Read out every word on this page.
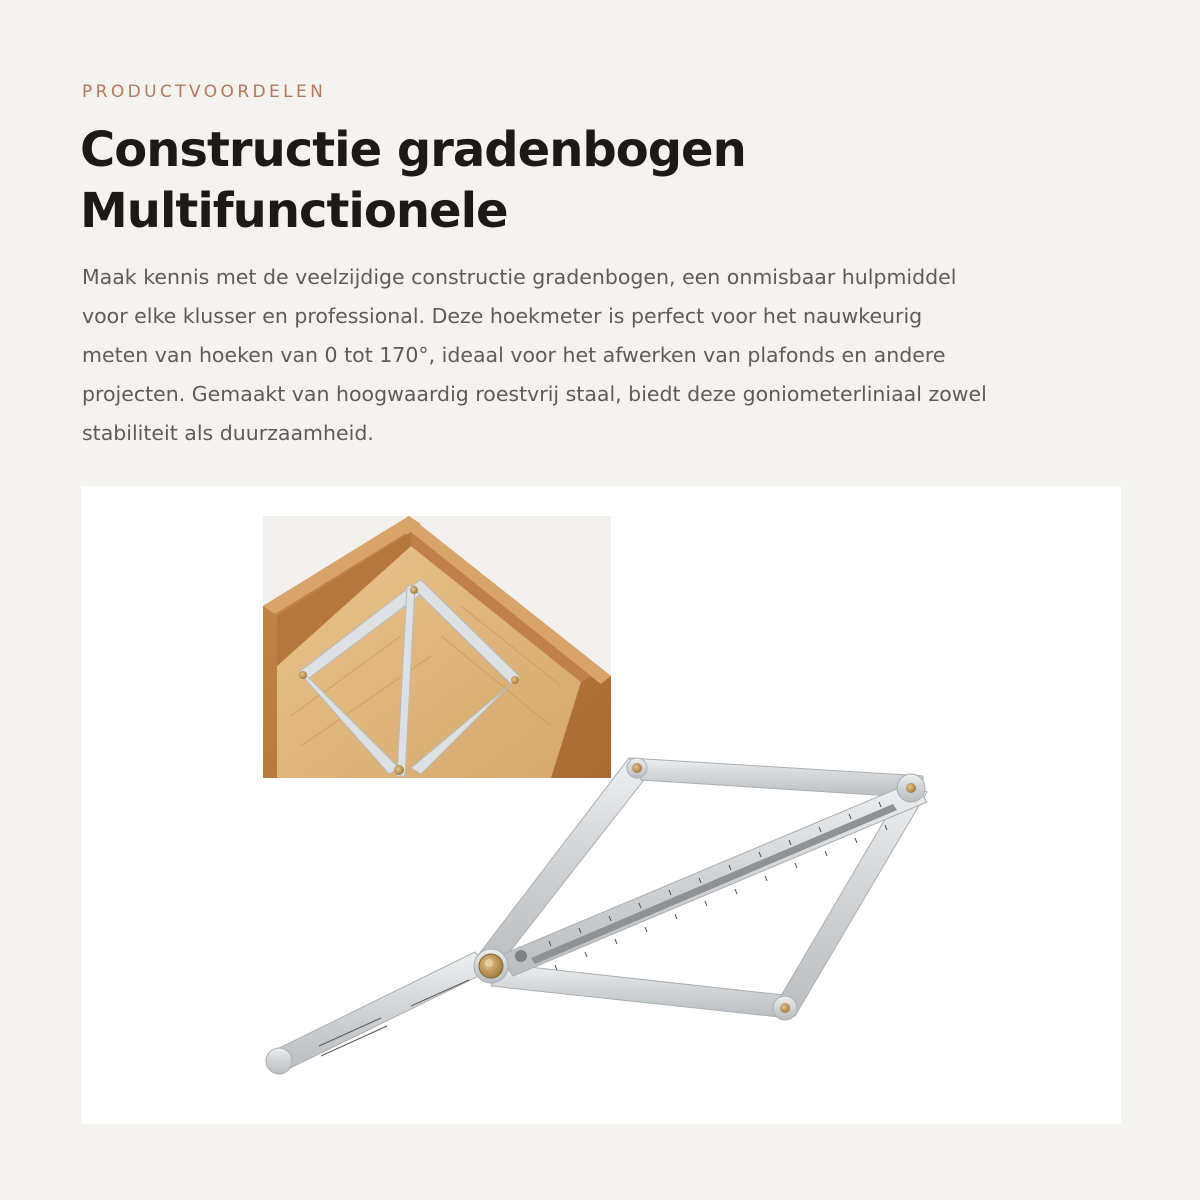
PRODUCTVOORDELEN
Constructie gradenbogen
Multifunctionele

Maak kennis met de veelzijdige constructie gradenbogen, een onmisbaar hulpmiddel
voor elke klusser en professional. Deze hoekmeter is perfect voor het nauwkeurig
meten van hoeken van 0 tot 170°, ideaal voor het afwerken van plafonds en andere
projecten. Gemaakt van hoogwaardig roestvrij staal, biedt deze goniometerliniaal zowel
stabiliteit als duurzaamheid.
